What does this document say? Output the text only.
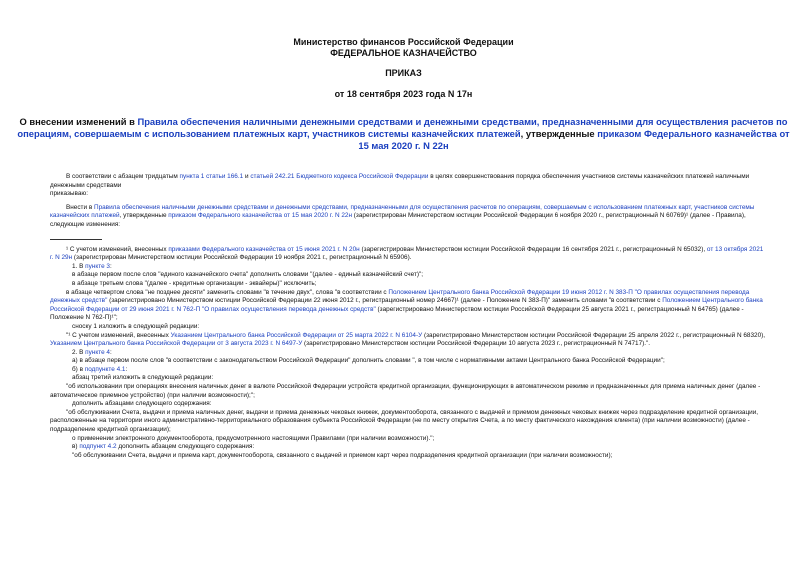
Министерство финансов Российской Федерации
ФЕДЕРАЛЬНОЕ КАЗНАЧЕЙСТВО
ПРИКАЗ
от 18 сентября 2023 года N 17н
О внесении изменений в Правила обеспечения наличными денежными средствами и денежными средствами, предназначенными для осуществления расчетов по операциям, совершаемым с использованием платежных карт, участников системы казначейских платежей, утвержденные приказом Федерального казначейства от 15 мая 2020 г. N 22н

В соответствии с абзацем тридцатым пункта 1 статьи 166.1 и статьей 242.21 Бюджетного кодекса Российской Федерации в целях совершенствования порядка обеспечения участников системы казначейских платежей наличными денежными средствами

приказываю:

Внести в Правила обеспечения наличными денежными средствами и денежными средствами, предназначенными для осуществления расчетов по операциям, совершаемым с использованием платежных карт, участников системы казначейских платежей, утвержденные приказом Федерального казначейства от 15 мая 2020 г. N 22н (зарегистрирован Министерством юстиции Российской Федерации 6 ноября 2020 г., регистрационный N 60769)¹ (далее - Правила), следующие изменения:

¹ С учетом изменений, внесенных приказами Федерального казначейства от 15 июня 2021 г. N 20н (зарегистрирован Министерством юстиции Российской Федерации 16 сентября 2021 г., регистрационный N 65032), от 13 октября 2021 г. N 29н (зарегистрирован Министерством юстиции Российской Федерации 19 ноября 2021 г., регистрационный N 65906).

1. В пункте 3:

в абзаце первом после слов "единого казначейского счета" дополнить словами "(далее - единый казначейский счет)";

в абзаце третьем слова "(далее - кредитные организации - эквайеры)" исключить;

в абзаце четвертом слова "не позднее десяти" заменить словами "в течение двух", слова "в соответствии с Положением Центрального банка Российской Федерации 19 июня 2012 г. N 383-П "О правилах осуществления перевода денежных средств" (зарегистрировано Министерством юстиции Российской Федерации 22 июня 2012 г., регистрационный номер 24667)¹ (далее - Положение N 383-П)" заменить словами "в соответствии с Положением Центрального банка Российской Федерации от 29 июня 2021 г. N 762-П "О правилах осуществления перевода денежных средств" (зарегистрировано Министерством юстиции Российской Федерации 25 августа 2021 г., регистрационный N 64765) (далее - Положение N 762-П)¹";

сноску 1 изложить в следующей редакции:

"¹ С учетом изменений, внесенных Указанием Центрального банка Российской Федерации от 25 марта 2022 г. N 6104-У (зарегистрировано Министерством юстиции Российской Федерации 25 апреля 2022 г., регистрационный N 68320), Указанием Центрального банка Российской Федерации от 3 августа 2023 г. N 6497-У (зарегистрировано Министерством юстиции Российской Федерации 10 августа 2023 г., регистрационный N 74717).".

2. В пункте 4:

а) в абзаце первом после слов "в соответствии с законодательством Российской Федерации" дополнить словами ", в том числе с нормативными актами Центрального банка Российской Федерации";

б) в подпункте 4.1:

абзац третий изложить в следующей редакции:

"об использовании при операциях внесения наличных денег в валюте Российской Федерации устройств кредитной организации, функционирующих в автоматическом режиме и предназначенных для приема наличных денег (далее - автоматическое приемное устройство) (при наличии возможности);";

дополнить абзацами следующего содержания:

"об обслуживании Счета, выдачи и приема наличных денег, выдачи и приема денежных чековых книжек, документооборота, связанного с выдачей и приемом денежных чековых книжек через подразделение кредитной организации, расположенные на территории иного административно-территориального образования субъекта Российской Федерации (не по месту открытия Счета, а по месту фактического нахождения клиента) (при наличии возможности) (далее - подразделение кредитной организации);

о применении электронного документооборота, предусмотренного настоящими Правилами (при наличии возможности).";

в) подпункт 4.2 дополнить абзацем следующего содержания:

"об обслуживании Счета, выдачи и приема карт, документооборота, связанного с выдачей и приемом карт через подразделения кредитной организации (при наличии возможности);
